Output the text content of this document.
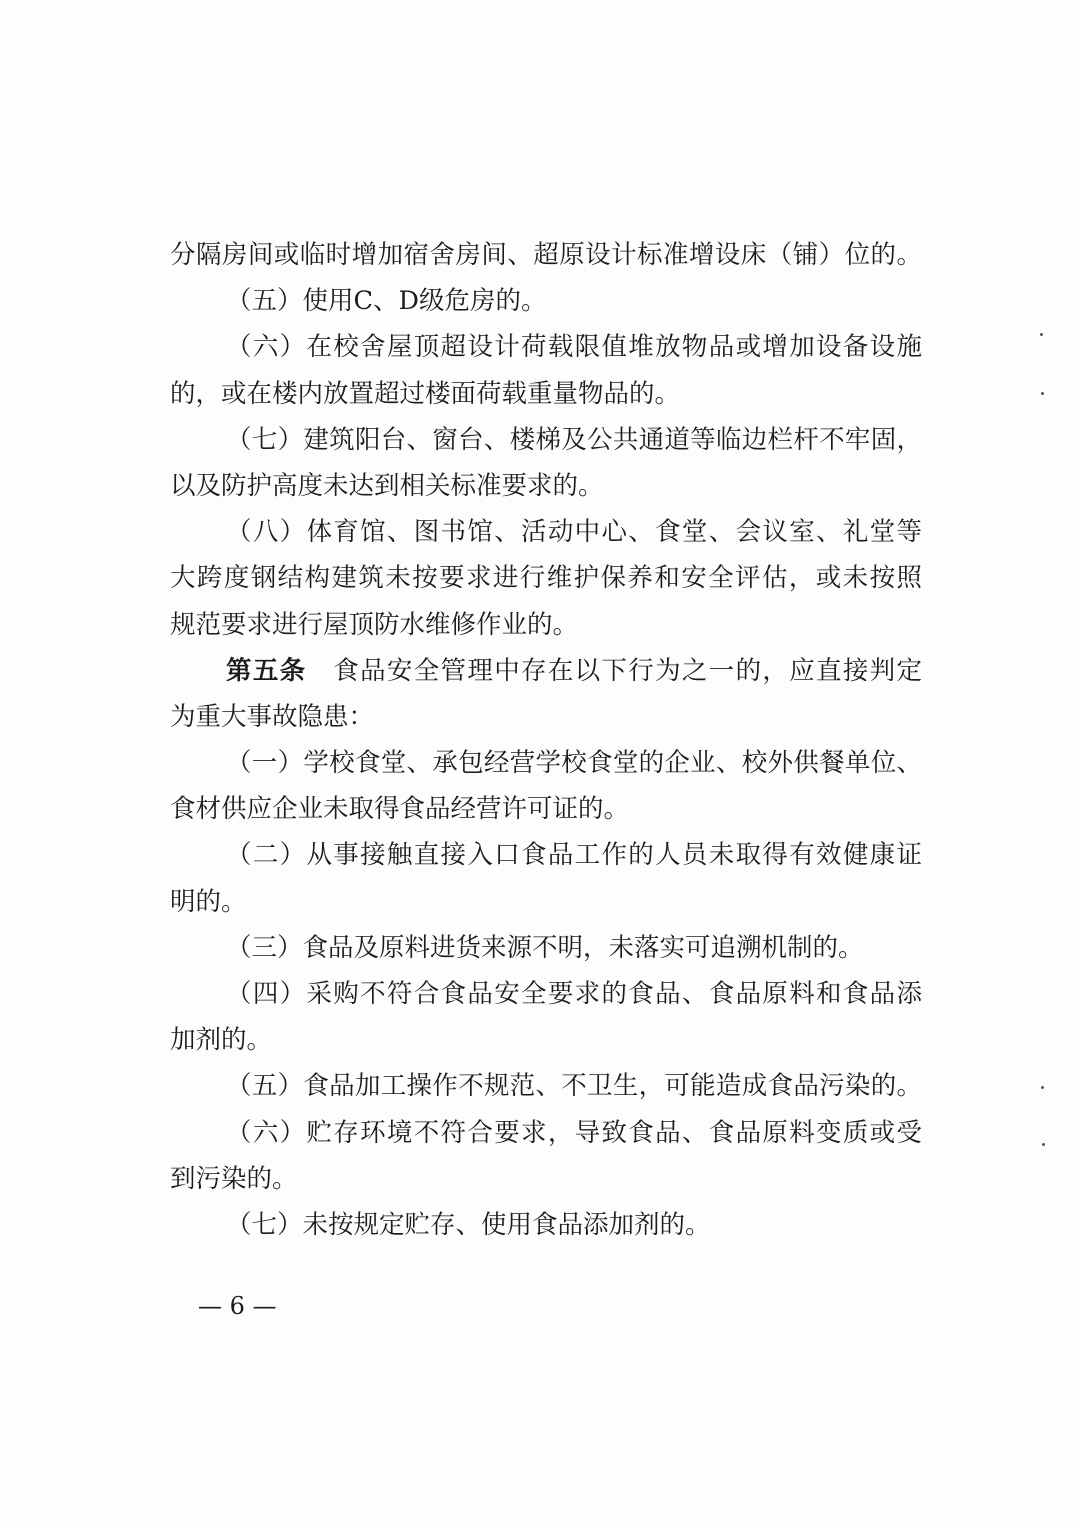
分隔房间或临时增加宿舍房间、超原设计标准增设床（铺）位的。
（五）使用C、D级危房的。
（六）在校舍屋顶超设计荷载限值堆放物品或增加设备设施
的，或在楼内放置超过楼面荷载重量物品的。
（七）建筑阳台、窗台、楼梯及公共通道等临边栏杆不牢固，
以及防护高度未达到相关标准要求的。
（八）体育馆、图书馆、活动中心、食堂、会议室、礼堂等
大跨度钢结构建筑未按要求进行维护保养和安全评估，或未按照
规范要求进行屋顶防水维修作业的。
第五条　食品安全管理中存在以下行为之一的，应直接判定
为重大事故隐患：
（一）学校食堂、承包经营学校食堂的企业、校外供餐单位、
食材供应企业未取得食品经营许可证的。
（二）从事接触直接入口食品工作的人员未取得有效健康证
明的。
（三）食品及原料进货来源不明，未落实可追溯机制的。
（四）采购不符合食品安全要求的食品、食品原料和食品添
加剂的。
（五）食品加工操作不规范、不卫生，可能造成食品污染的。
（六）贮存环境不符合要求，导致食品、食品原料变质或受
到污染的。
（七）未按规定贮存、使用食品添加剂的。
— 6 —
